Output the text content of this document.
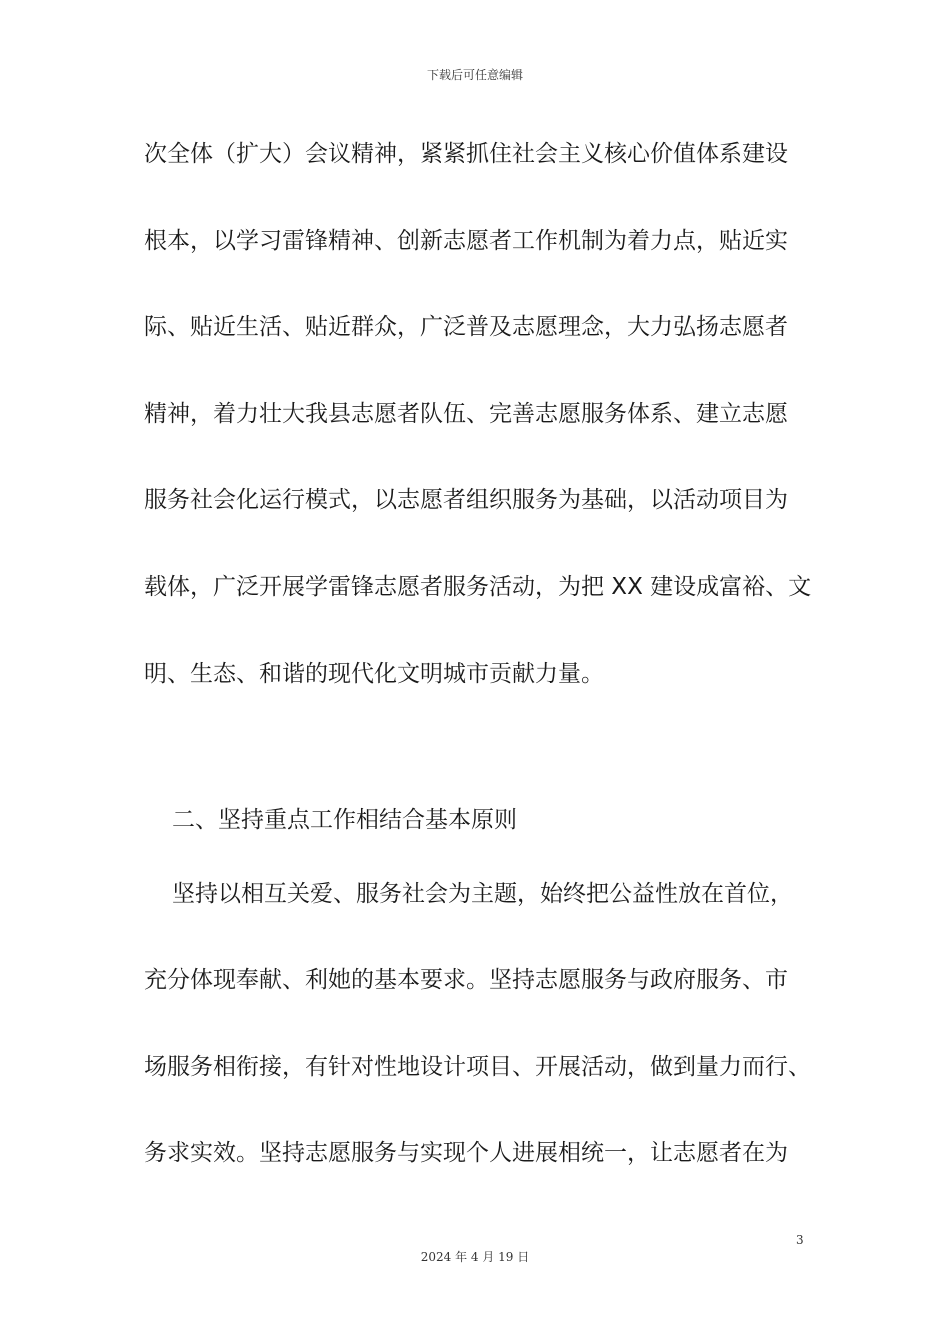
下载后可任意编辑
次全体（扩大）会议精神，紧紧抓住社会主义核心价值体系建设
根本，以学习雷锋精神、创新志愿者工作机制为着力点，贴近实
际、贴近生活、贴近群众，广泛普及志愿理念，大力弘扬志愿者
精神，着力壮大我县志愿者队伍、完善志愿服务体系、建立志愿
服务社会化运行模式，以志愿者组织服务为基础，以活动项目为
载体，广泛开展学雷锋志愿者服务活动，为把 XX 建设成富裕、文
明、生态、和谐的现代化文明城市贡献力量。
二、坚持重点工作相结合基本原则
坚持以相互关爱、服务社会为主题，始终把公益性放在首位，
充分体现奉献、利她的基本要求。坚持志愿服务与政府服务、市
场服务相衔接，有针对性地设计项目、开展活动，做到量力而行、
务求实效。坚持志愿服务与实现个人进展相统一，让志愿者在为
3
2024 年 4 月 19 日
